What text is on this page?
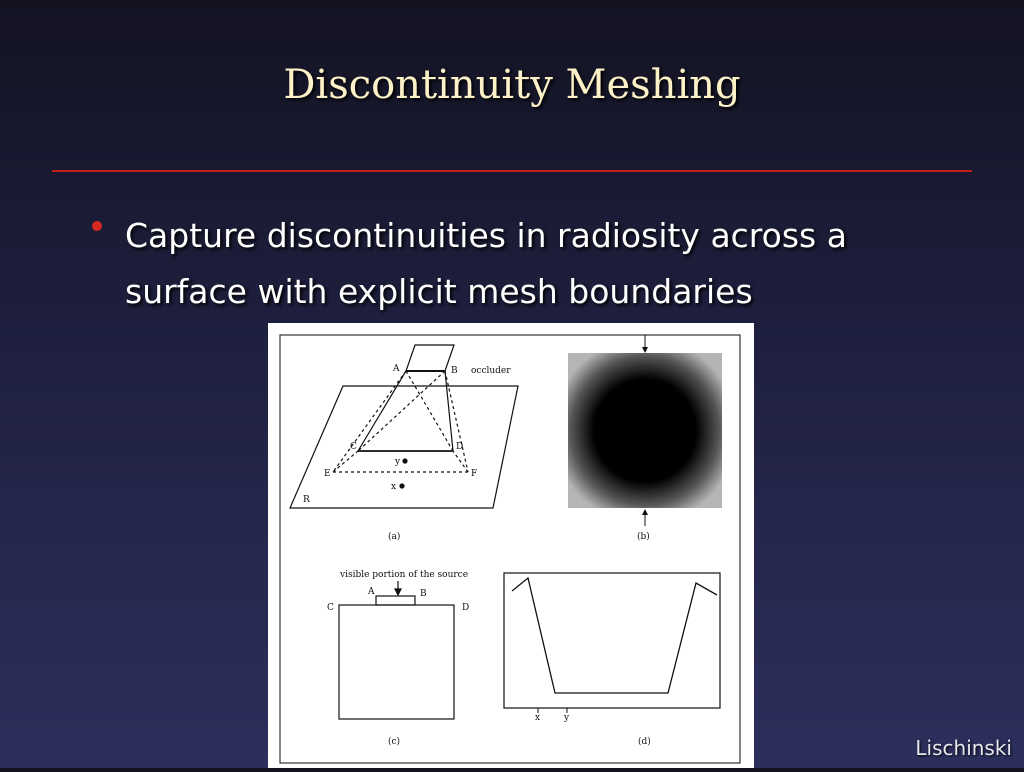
Discontinuity Meshing
Capture discontinuities in radiosity across a surface with explicit mesh boundaries
A	B
C	D
E	F
R
y
x
occluder
(a)	(b)
visible portion of the source
A	B
C	D
(c)
x	y
(d)	Lischinski
